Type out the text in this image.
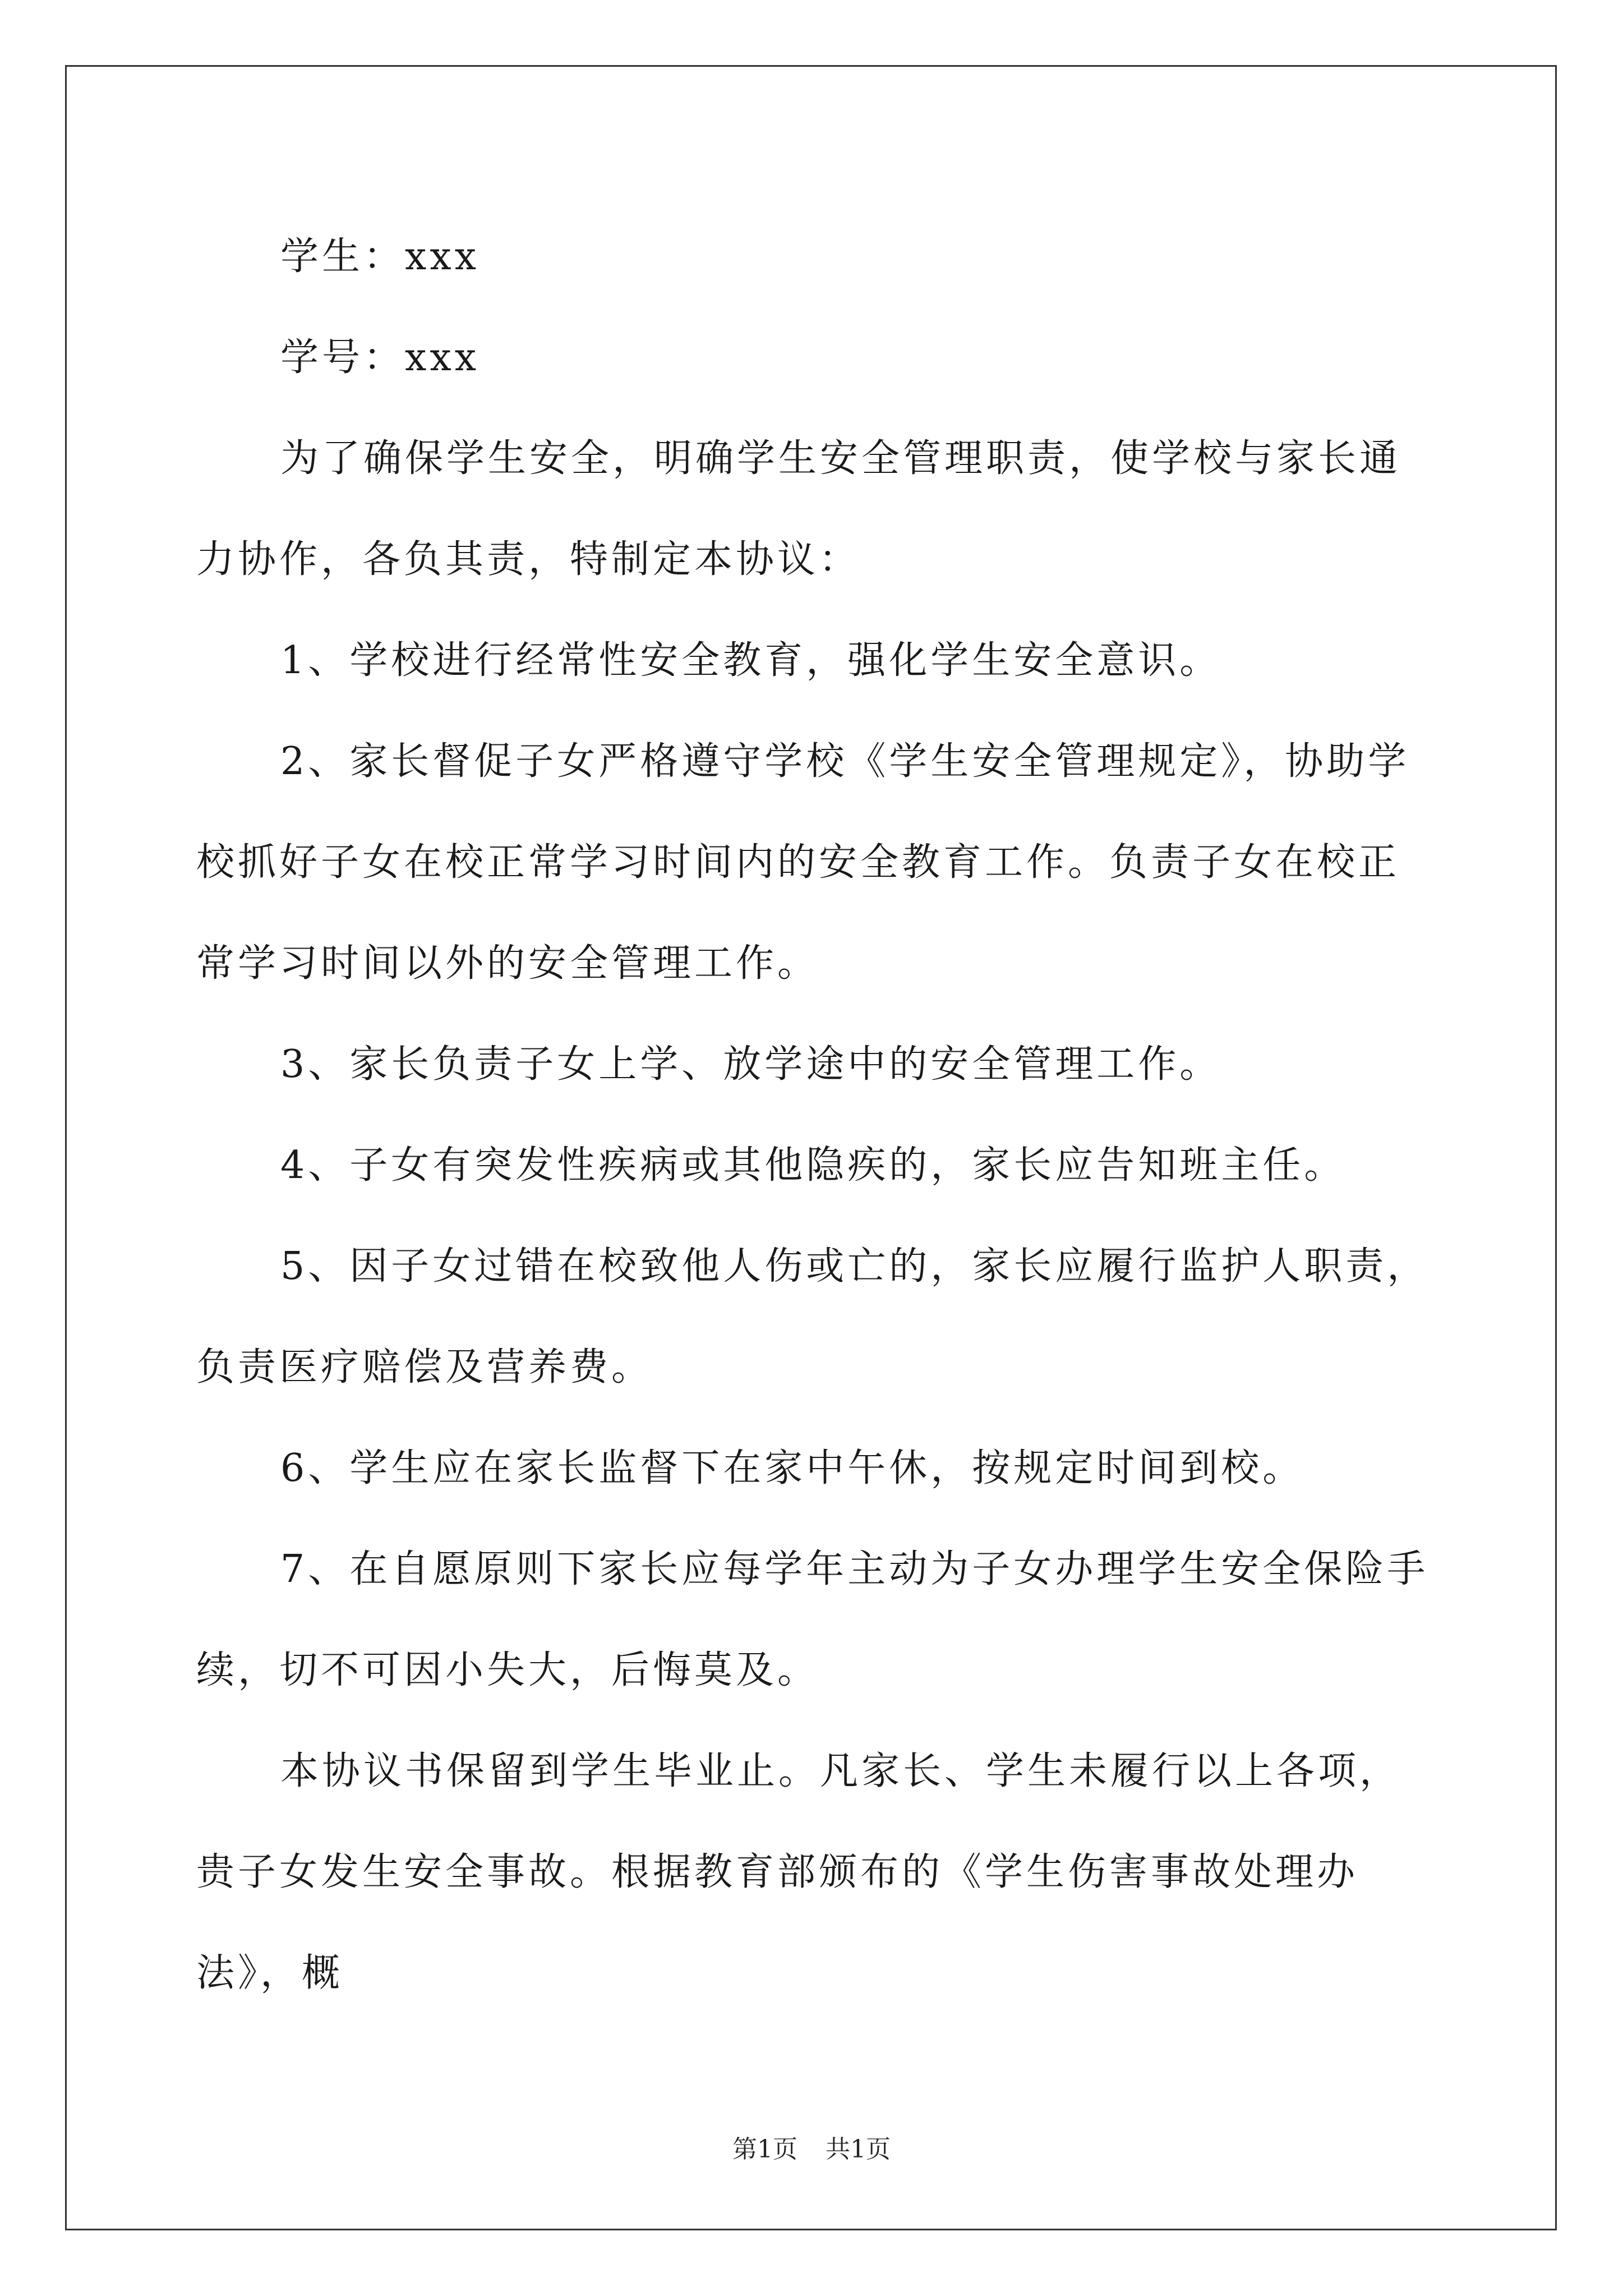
学生：xxx

学号：xxx

为了确保学生安全，明确学生安全管理职责，使学校与家长通力协作，各负其责，特制定本协议：

1、学校进行经常性安全教育，强化学生安全意识。

2、家长督促子女严格遵守学校《学生安全管理规定》，协助学校抓好子女在校正常学习时间内的安全教育工作。负责子女在校正常学习时间以外的安全管理工作。

3、家长负责子女上学、放学途中的安全管理工作。

4、子女有突发性疾病或其他隐疾的，家长应告知班主任。

5、因子女过错在校致他人伤或亡的，家长应履行监护人职责，负责医疗赔偿及营养费。

6、学生应在家长监督下在家中午休，按规定时间到校。

7、在自愿原则下家长应每学年主动为子女办理学生安全保险手续，切不可因小失大，后悔莫及。

本协议书保留到学生毕业止。凡家长、学生未履行以上各项，贵子女发生安全事故。根据教育部颁布的《学生伤害事故处理办法》，概

第1页 共1页
